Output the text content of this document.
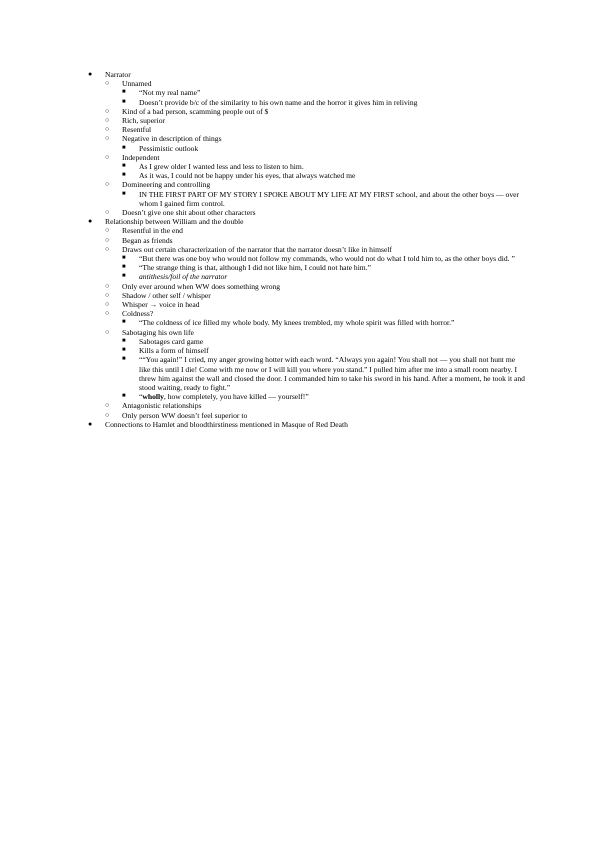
●
Narrator
○
Unnamed
■
“Not my real name”
■
Doesn’t provide b/c of the similarity to his own name and the horror it gives him in reliving
○
Kind of a bad person, scamming people out of $
○
Rich, superior
○
Resentful
○
Negative in description of things
■
Pessimistic outlook
○
Independent
■
As I grew older I wanted less and less to listen to him.
■
As it was, I could not be happy under his eyes, that always watched me
○
Domineering and controlling
■
IN THE FIRST PART OF MY STORY I SPOKE ABOUT MY LIFE AT MY FIRST school, and about the other boys — over whom I gained firm control.
○
Doesn’t give one shit about other characters
●
Relationship between William and the double
○
Resentful in the end
○
Began as friends
○
Draws out certain characterization of the narrator that the narrator doesn’t like in himself
■
“But there was one boy who would not follow my commands, who would not do what I told him to, as the other boys did. ”
■
“The strange thing is that, although I did not like him, I could not hate him.”
■
antithesis/foil of the narrator
○
Only ever around when WW does something wrong
○
Shadow / other self / whisper
○
Whisper → voice in head
○
Coldness?
■
“The coldness of ice filled my whole body. My knees trembled, my whole spirit was filled with horror.”
○
Sabotaging his own life
■
Sabotages card game
■
Kills a form of himself
■
““You again!” I cried, my anger growing hotter with each word. “Always you again! You shall not — you shall not hunt me like this until I die! Come with me now or I will kill you where you stand.” I pulled him after me into a small room nearby. I threw him against the wall and closed the door. I commanded him to take his sword in his hand. After a moment, he took it and stood waiting, ready to fight.”
■
“wholly, how completely, you have killed — yourself!”
○
Antagonistic relationships
○
Only person WW doesn’t feel superior to
●
Connections to Hamlet and bloodthirstiness mentioned in Masque of Red Death
